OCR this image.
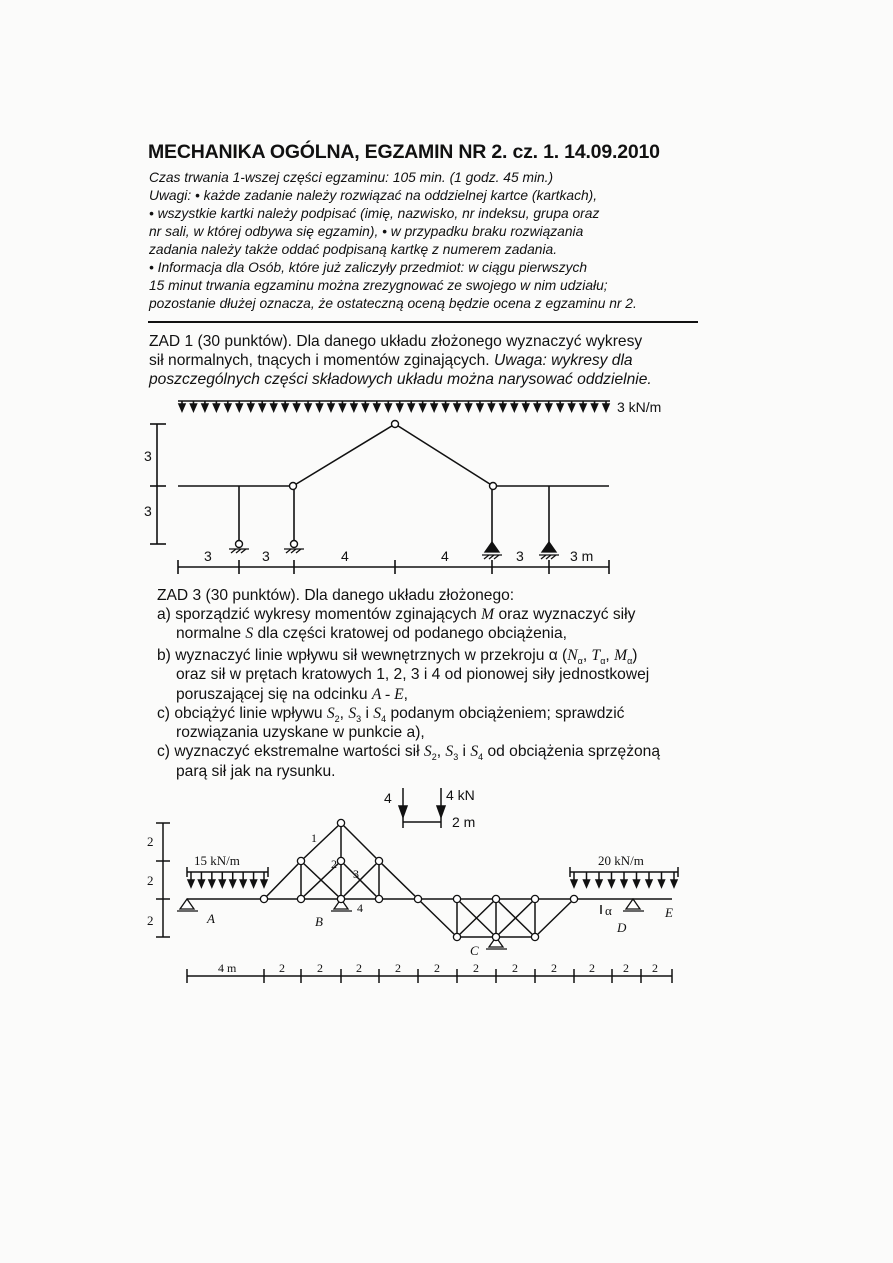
MECHANIKA OGÓLNA, EGZAMIN NR 2. cz. 1. 14.09.2010
Czas trwania 1-wszej części egzaminu: 105 min. (1 godz. 45 min.)
Uwagi: • każde zadanie należy rozwiązać na oddzielnej kartce (kartkach),
• wszystkie kartki należy podpisać (imię, nazwisko, nr indeksu, grupa oraz
nr sali, w której odbywa się egzamin), • w przypadku braku rozwiązania
zadania należy także oddać podpisaną kartkę z numerem zadania.
• Informacja dla Osób, które już zaliczyły przedmiot: w ciągu pierwszych
15 minut trwania egzaminu można zrezygnować ze swojego w nim udziału;
pozostanie dłużej oznacza, że ostateczną oceną będzie ocena z egzaminu nr 2.
ZAD 1 (30 punktów). Dla danego układu złożonego wyznaczyć wykresy
sił normalnych, tnących i momentów zginających. Uwaga: wykresy dla
poszczególnych części składowych układu można narysować oddzielnie.
3 kN/m
3
3
3	3	4	4	3	3 m
ZAD 3 (30 punktów). Dla danego układu złożonego:
a) sporządzić wykresy momentów zginających M oraz wyznaczyć siły
normalne S dla części kratowej od podanego obciążenia,
b) wyznaczyć linie wpływu sił wewnętrznych w przekroju α ($N_\alpha$, $T_\alpha$, $M_\alpha$)
oraz sił w prętach kratowych 1, 2, 3 i 4 od pionowej siły jednostkowej
poruszającej się na odcinku A - E,
c) obciążyć linie wpływu $S_2$, $S_3$ i $S_4$ podanym obciążeniem; sprawdzić
rozwiązania uzyskane w punkcie a),
c) wyznaczyć ekstremalne wartości sił $S_2$, $S_3$ i $S_4$ od obciążenia sprzężoną
parą sił jak na rysunku.
4	4 kN
2 m
15 kN/m	20 kN/m
2
2
2
1
2
3
4
A	B
C
D
E
α
4 m	2	2	2	2	2	2	2	2	2 2 2
